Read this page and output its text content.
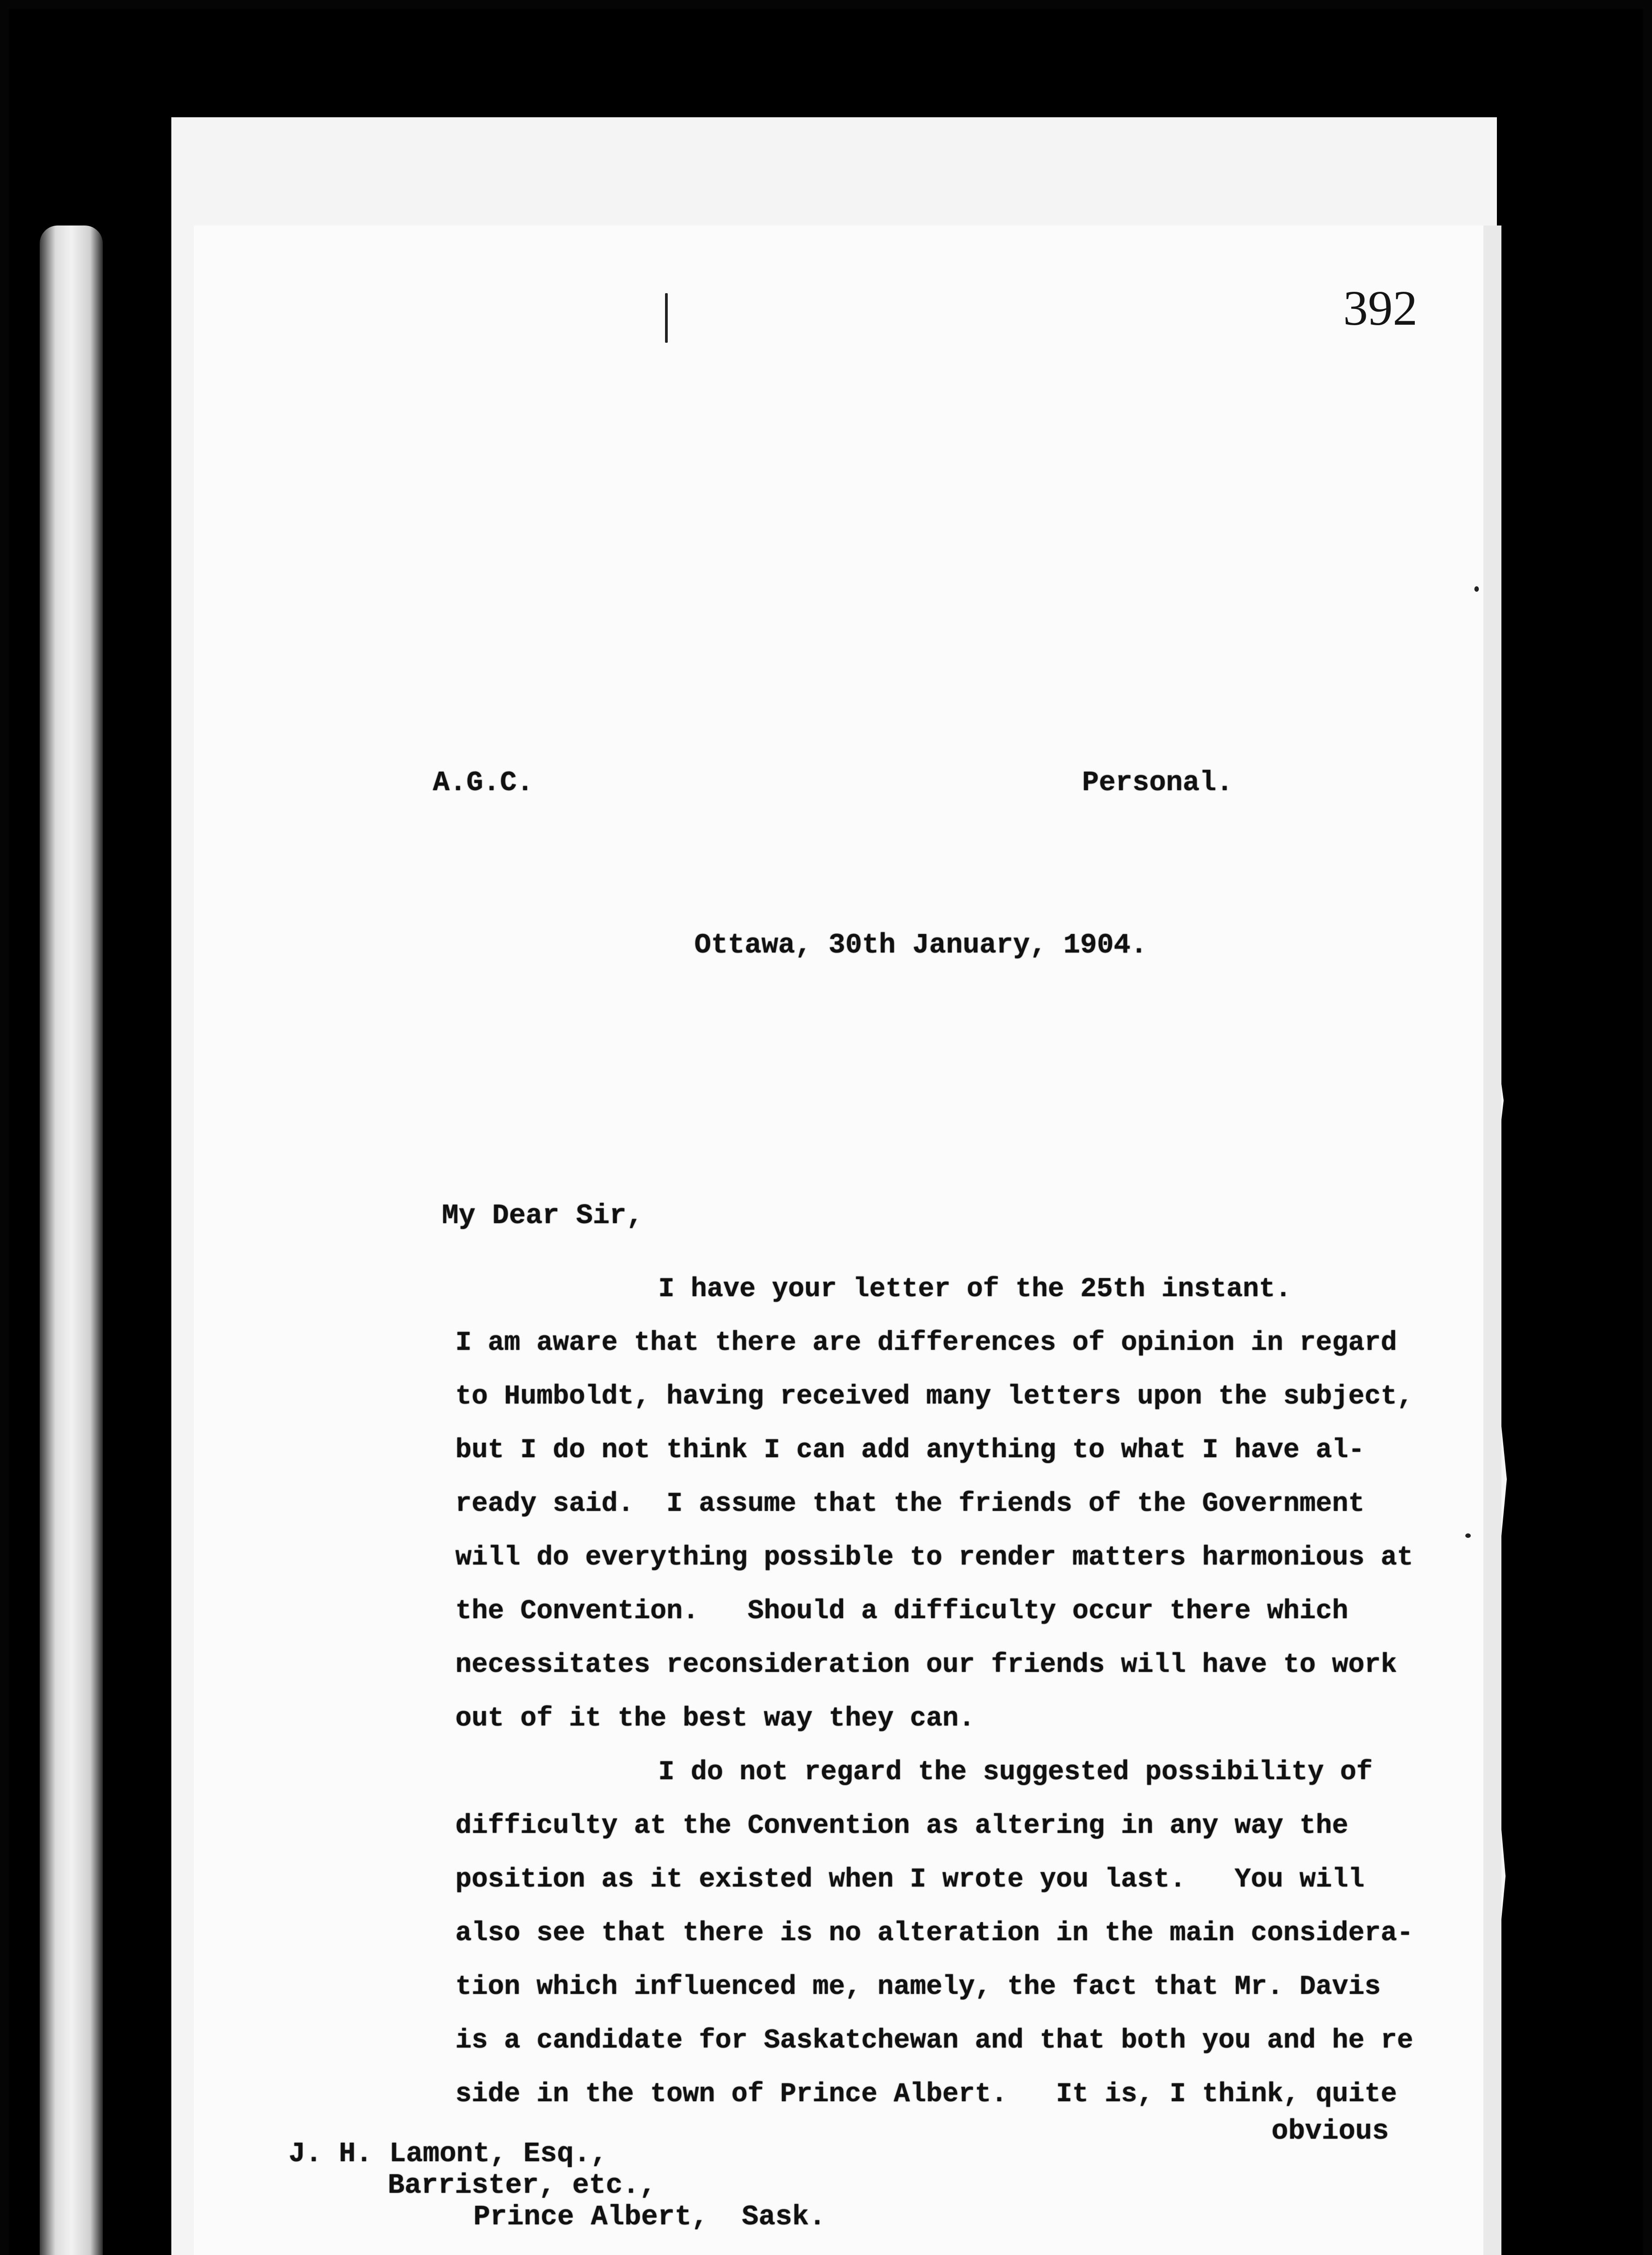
392
A.G.C.	Personal.
Ottawa, 30th January, 1904.
My Dear Sir,

I have your letter of the 25th instant.

I am aware that there are differences of opinion in regard

to Humboldt, having received many letters upon the subject,

but I do not think I can add anything to what I have al-

ready said.  I assume that the friends of the Government

will do everything possible to render matters harmonious at

the Convention.   Should a difficulty occur there which

necessitates reconsideration our friends will have to work

out of it the best way they can.

I do not regard the suggested possibility of

difficulty at the Convention as altering in any way the

position as it existed when I wrote you last.   You will

also see that there is no alteration in the main considera-

tion which influenced me, namely, the fact that Mr. Davis

is a candidate for Saskatchewan and that both you and he re

side in the town of Prince Albert.   It is, I think, quite

obvious
J. H. Lamont, Esq.,
Barrister, etc.,
Prince Albert,  Sask.
